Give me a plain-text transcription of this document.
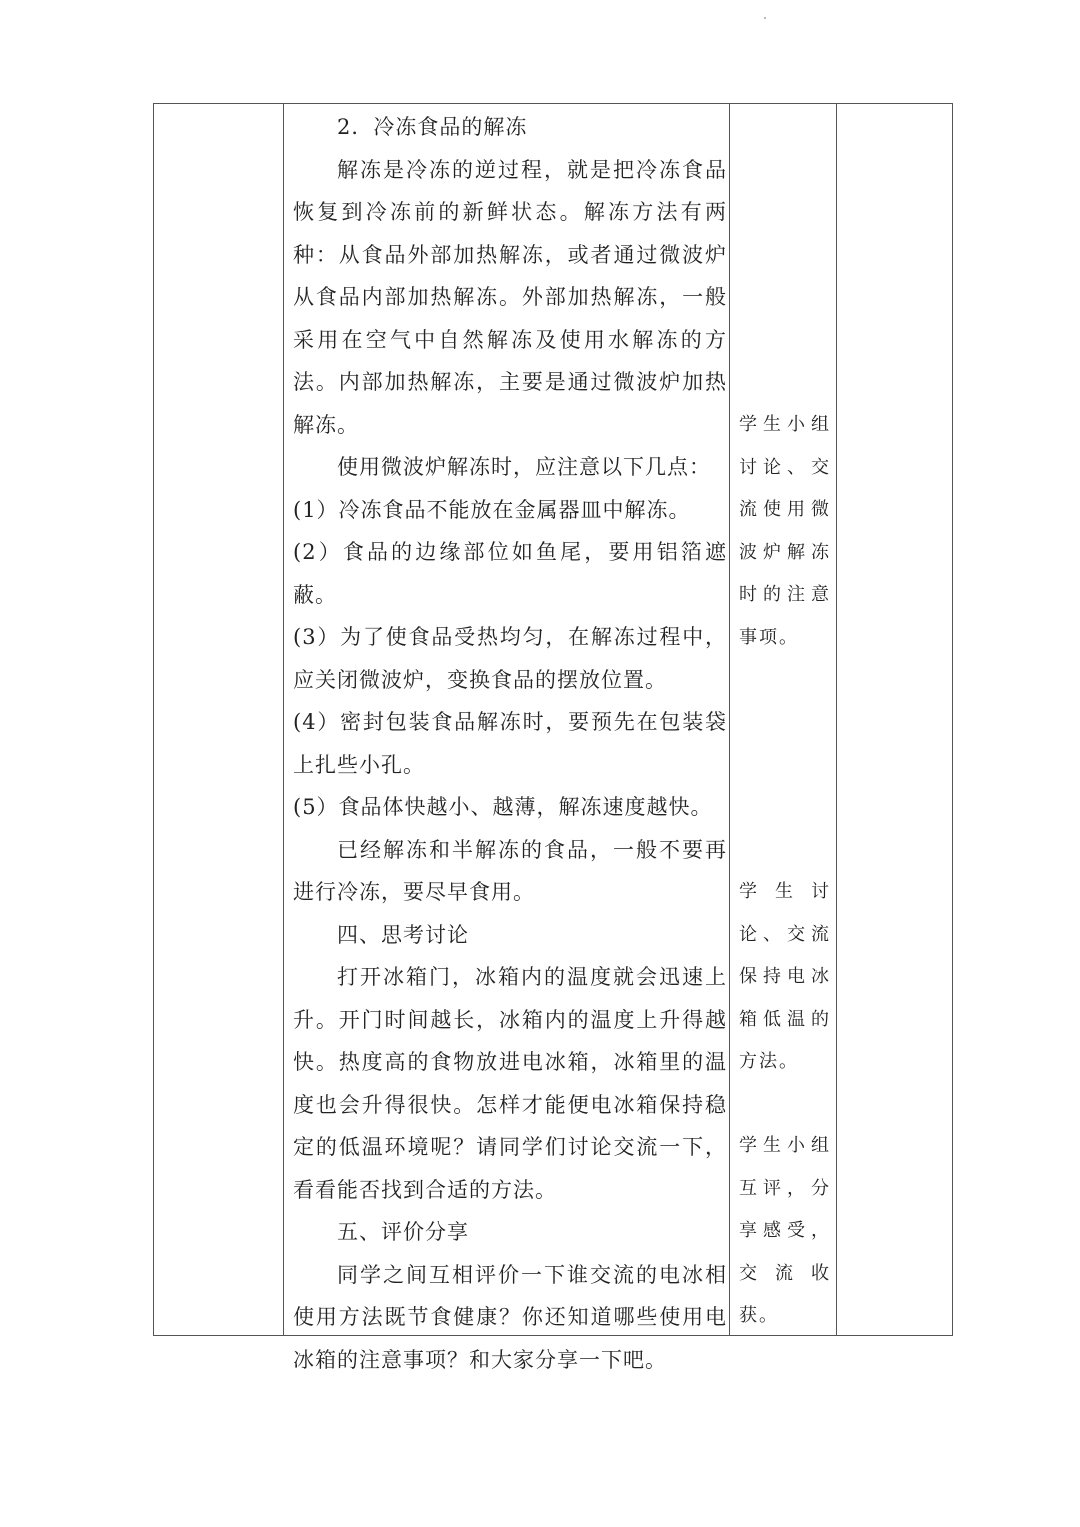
2．冷冻食品的解冻

解冻是冷冻的逆过程，就是把冷冻食品恢复到冷冻前的新鲜状态。解冻方法有两种：从食品外部加热解冻，或者通过微波炉从食品内部加热解冻。外部加热解冻，一般采用在空气中自然解冻及使用水解冻的方法。内部加热解冻，主要是通过微波炉加热解冻。

使用微波炉解冻时，应注意以下几点：

(1）冷冻食品不能放在金属器皿中解冻。

(2）食品的边缘部位如鱼尾，要用铝箔遮蔽。

(3）为了使食品受热均匀，在解冻过程中，应关闭微波炉，变换食品的摆放位置。

(4）密封包装食品解冻时，要预先在包装袋上扎些小孔。

(5）食品体快越小、越薄，解冻速度越快。

已经解冻和半解冻的食品，一般不要再进行冷冻，要尽早食用。

四、思考讨论

打开冰箱门，冰箱内的温度就会迅速上升。开门时间越长，冰箱内的温度上升得越快。热度高的食物放进电冰箱，冰箱里的温度也会升得很快。怎样才能便电冰箱保持稳定的低温环境呢？请同学们讨论交流一下，看看能否找到合适的方法。

五、评价分享

同学之间互相评价一下谁交流的电冰相使用方法既节食健康？你还知道哪些使用电冰箱的注意事项？和大家分享一下吧。

学生小组讨论、交流使用微波炉解冻时的注意事项。

学生讨论、交流保持电冰箱低温的方法。

学生小组互评，分享感受，交流收获。
